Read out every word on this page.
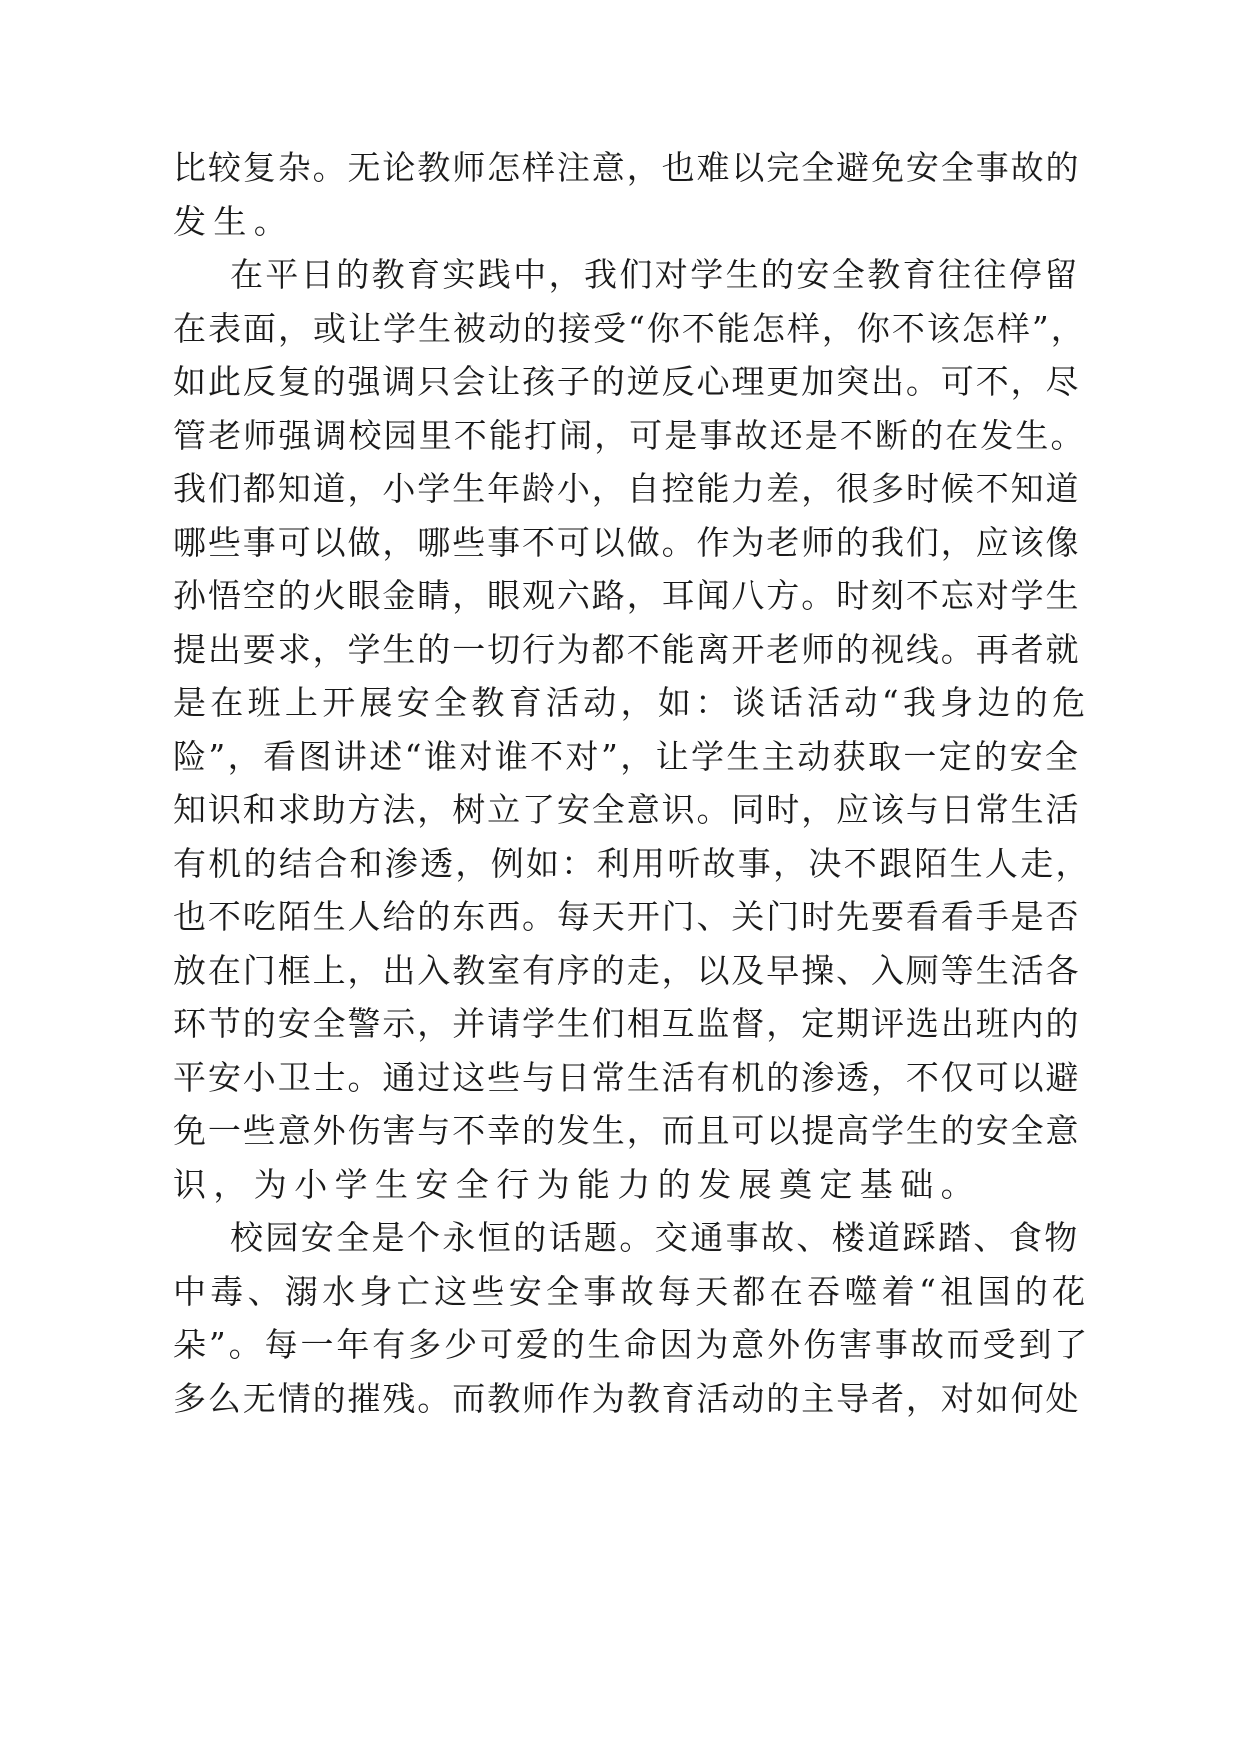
比较复杂。无论教师怎样注意，也难以完全避免安全事故的
发生。
在平日的教育实践中，我们对学生的安全教育往往停留
在表面，或让学生被动的接受“你不能怎样，你不该怎样”，
如此反复的强调只会让孩子的逆反心理更加突出。可不，尽
管老师强调校园里不能打闹，可是事故还是不断的在发生。
我们都知道，小学生年龄小，自控能力差，很多时候不知道
哪些事可以做，哪些事不可以做。作为老师的我们，应该像
孙悟空的火眼金睛，眼观六路，耳闻八方。时刻不忘对学生
提出要求，学生的一切行为都不能离开老师的视线。再者就
是在班上开展安全教育活动，如：谈话活动“我身边的危
险”，看图讲述“谁对谁不对”，让学生主动获取一定的安全
知识和求助方法，树立了安全意识。同时，应该与日常生活
有机的结合和渗透，例如：利用听故事，决不跟陌生人走，
也不吃陌生人给的东西。每天开门、关门时先要看看手是否
放在门框上，出入教室有序的走，以及早操、入厕等生活各
环节的安全警示，并请学生们相互监督，定期评选出班内的
平安小卫士。通过这些与日常生活有机的渗透，不仅可以避
免一些意外伤害与不幸的发生，而且可以提高学生的安全意
识，为小学生安全行为能力的发展奠定基础。
校园安全是个永恒的话题。交通事故、楼道踩踏、食物
中毒、溺水身亡这些安全事故每天都在吞噬着“祖国的花
朵”。每一年有多少可爱的生命因为意外伤害事故而受到了
多么无情的摧残。而教师作为教育活动的主导者，对如何处
